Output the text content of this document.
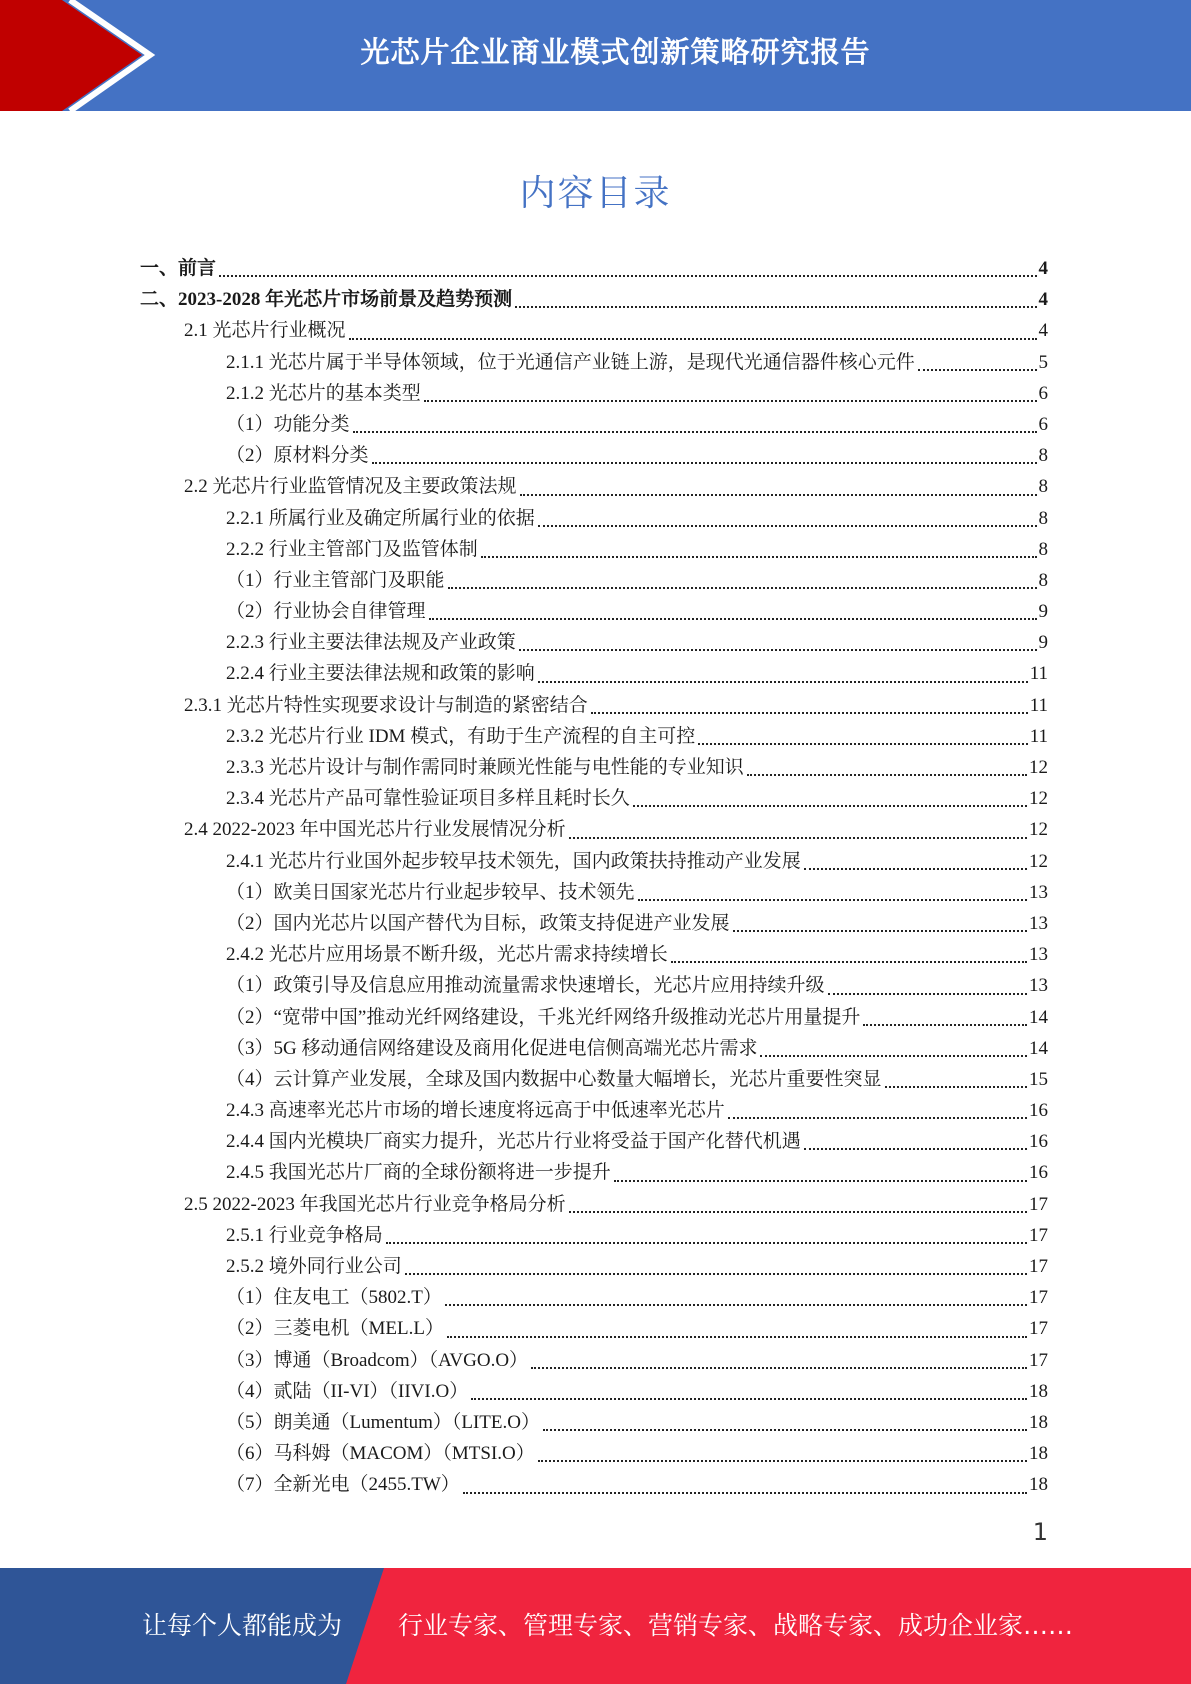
光芯片企业商业模式创新策略研究报告
内容目录
一、前言	4
二、2023-2028 年光芯片市场前景及趋势预测	4
2.1 光芯片行业概况	4
2.1.1 光芯片属于半导体领域，位于光通信产业链上游，是现代光通信器件核心元件	5
2.1.2 光芯片的基本类型	6
（1）功能分类	6
（2）原材料分类	8
2.2 光芯片行业监管情况及主要政策法规	8
2.2.1 所属行业及确定所属行业的依据	8
2.2.2 行业主管部门及监管体制	8
（1）行业主管部门及职能	8
（2）行业协会自律管理	9
2.2.3 行业主要法律法规及产业政策	9
2.2.4 行业主要法律法规和政策的影响	11
2.3.1 光芯片特性实现要求设计与制造的紧密结合	11
2.3.2 光芯片行业 IDM 模式，有助于生产流程的自主可控	11
2.3.3 光芯片设计与制作需同时兼顾光性能与电性能的专业知识	12
2.3.4 光芯片产品可靠性验证项目多样且耗时长久	12
2.4 2022-2023 年中国光芯片行业发展情况分析	12
2.4.1 光芯片行业国外起步较早技术领先，国内政策扶持推动产业发展	12
（1）欧美日国家光芯片行业起步较早、技术领先	13
（2）国内光芯片以国产替代为目标，政策支持促进产业发展	13
2.4.2 光芯片应用场景不断升级，光芯片需求持续增长	13
（1）政策引导及信息应用推动流量需求快速增长，光芯片应用持续升级	13
（2）“宽带中国”推动光纤网络建设，千兆光纤网络升级推动光芯片用量提升	14
（3）5G 移动通信网络建设及商用化促进电信侧高端光芯片需求	14
（4）云计算产业发展，全球及国内数据中心数量大幅增长，光芯片重要性突显	15
2.4.3 高速率光芯片市场的增长速度将远高于中低速率光芯片	16
2.4.4 国内光模块厂商实力提升，光芯片行业将受益于国产化替代机遇	16
2.4.5 我国光芯片厂商的全球份额将进一步提升	16
2.5 2022-2023 年我国光芯片行业竞争格局分析	17
2.5.1 行业竞争格局	17
2.5.2 境外同行业公司	17
（1）住友电工（5802.T）	17
（2）三菱电机（MEL.L）	17
（3）博通（Broadcom）（AVGO.O）	17
（4）贰陆（II-VI）（IIVI.O）	18
（5）朗美通（Lumentum）（LITE.O）	18
（6）马科姆（MACOM）（MTSI.O）	18
（7）全新光电（2455.TW）	18
1
让每个人都能成为 行业专家、管理专家、营销专家、战略专家、成功企业家……
